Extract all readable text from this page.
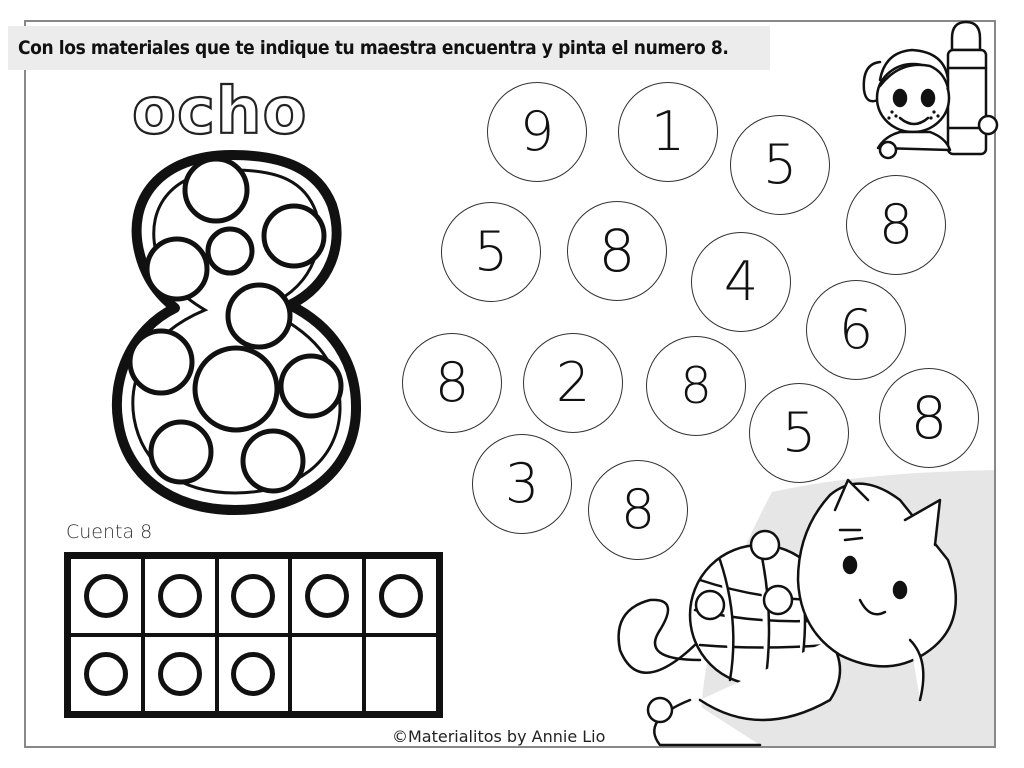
Con los materiales que te indique tu maestra encuentra y pinta el numero 8.
ocho	9	1
5
8
5	8	4
6
8	2	8
5	8
3	8
Cuenta 8
©Materialitos by Annie Lio
